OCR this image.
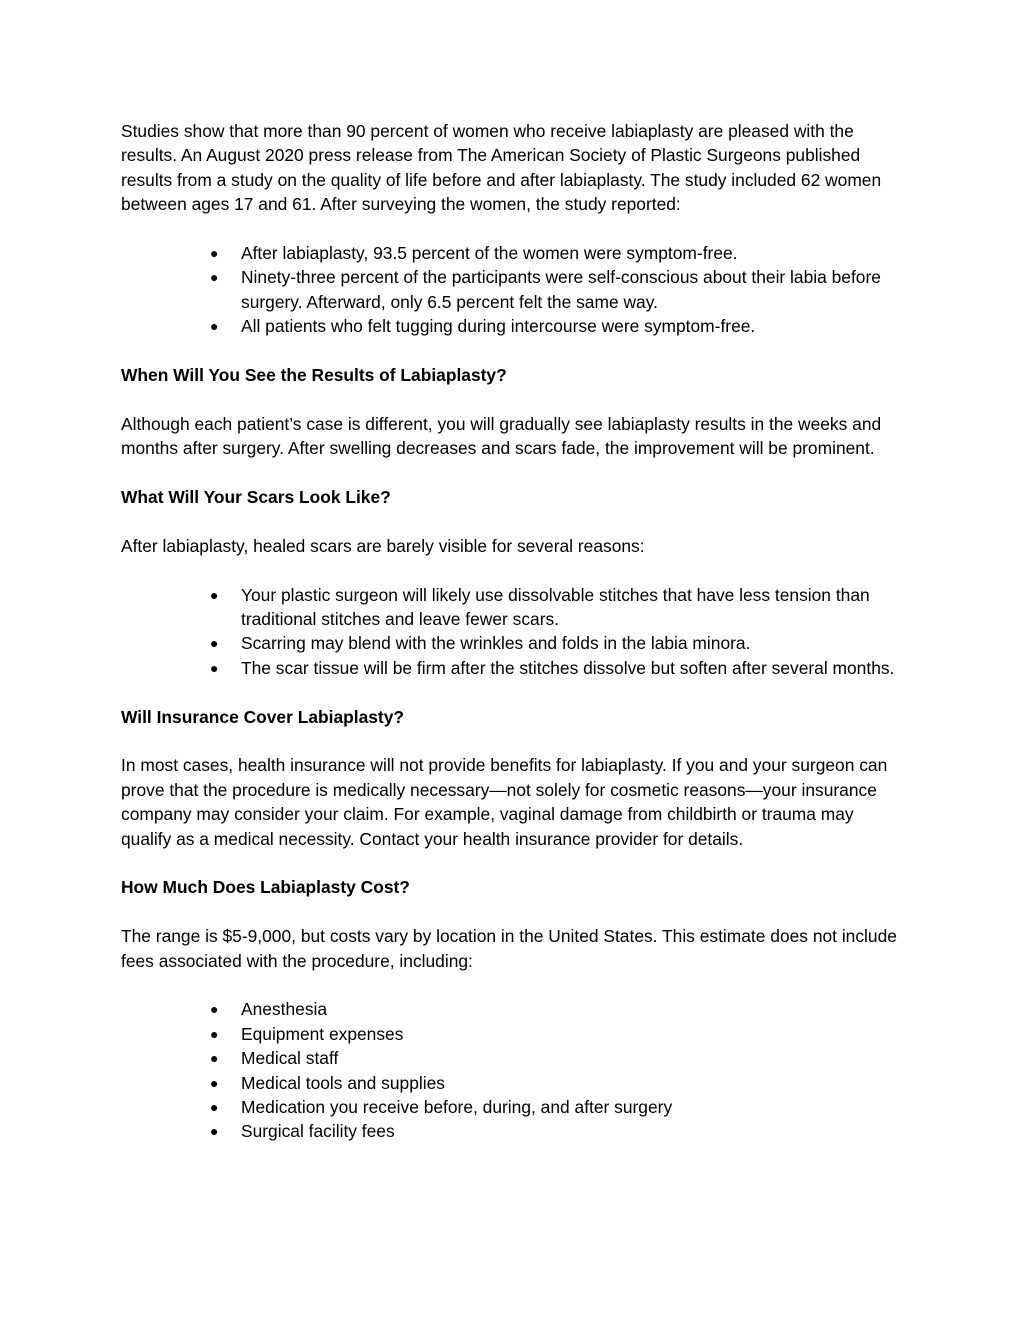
Studies show that more than 90 percent of women who receive labiaplasty are pleased with the results. An August 2020 press release from The American Society of Plastic Surgeons published results from a study on the quality of life before and after labiaplasty. The study included 62 women between ages 17 and 61. After surveying the women, the study reported:

● After labiaplasty, 93.5 percent of the women were symptom-free.
● Ninety-three percent of the participants were self-conscious about their labia before surgery. Afterward, only 6.5 percent felt the same way.
● All patients who felt tugging during intercourse were symptom-free.
When Will You See the Results of Labiaplasty?

Although each patient’s case is different, you will gradually see labiaplasty results in the weeks and months after surgery. After swelling decreases and scars fade, the improvement will be prominent.

What Will Your Scars Look Like?

After labiaplasty, healed scars are barely visible for several reasons:

● Your plastic surgeon will likely use dissolvable stitches that have less tension than traditional stitches and leave fewer scars.
● Scarring may blend with the wrinkles and folds in the labia minora.
● The scar tissue will be firm after the stitches dissolve but soften after several months.
Will Insurance Cover Labiaplasty?

In most cases, health insurance will not provide benefits for labiaplasty. If you and your surgeon can prove that the procedure is medically necessary—not solely for cosmetic reasons—your insurance company may consider your claim. For example, vaginal damage from childbirth or trauma may qualify as a medical necessity. Contact your health insurance provider for details.

How Much Does Labiaplasty Cost?

The range is $5-9,000, but costs vary by location in the United States. This estimate does not include fees associated with the procedure, including:

● Anesthesia
● Equipment expenses
● Medical staff
● Medical tools and supplies
● Medication you receive before, during, and after surgery
● Surgical facility fees
